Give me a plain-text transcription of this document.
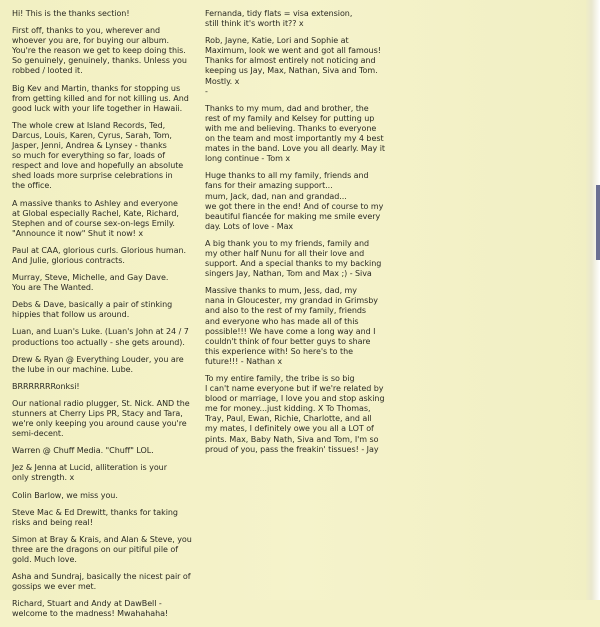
Hi! This is the thanks section!

First off, thanks to you, wherever and
whoever you are, for buying our album.
You're the reason we get to keep doing this.
So genuinely, genuinely, thanks. Unless you
robbed / looted it.

Big Kev and Martin, thanks for stopping us
from getting killed and for not killing us. And
good luck with your life together in Hawaii.

The whole crew at Island Records, Ted,
Darcus, Louis, Karen, Cyrus, Sarah, Tom,
Jasper, Jenni, Andrea & Lynsey - thanks
so much for everything so far, loads of
respect and love and hopefully an absolute
shed loads more surprise celebrations in
the office.

A massive thanks to Ashley and everyone
at Global especially Rachel, Kate, Richard,
Stephen and of course sex-on-legs Emily.
"Announce it now" Shut it now! x

Paul at CAA, glorious curls. Glorious human.
And Julie, glorious contracts.

Murray, Steve, Michelle, and Gay Dave.
You are The Wanted.

Debs & Dave, basically a pair of stinking
hippies that follow us around.

Luan, and Luan's Luke. (Luan's John at 24 / 7
productions too actually - she gets around).

Drew & Ryan @ Everything Louder, you are
the lube in our machine. Lube.

BRRRRRRRonksi!

Our national radio plugger, St. Nick. AND the
stunners at Cherry Lips PR, Stacy and Tara,
we're only keeping you around cause you're
semi-decent.

Warren @ Chuff Media. "Chuff" LOL.

Jez & Jenna at Lucid, alliteration is your
only strength. x

Colin Barlow, we miss you.

Steve Mac & Ed Drewitt, thanks for taking
risks and being real!

Simon at Bray & Krais, and Alan & Steve, you
three are the dragons on our pitiful pile of
gold. Much love.

Asha and Sundraj, basically the nicest pair of
gossips we ever met.

Richard, Stuart and Andy at DawBell -
welcome to the madness! Mwahahaha!

Fernanda, tidy flats = visa extension,
still think it's worth it?? x

Rob, Jayne, Katie, Lori and Sophie at
Maximum, look we went and got all famous!
Thanks for almost entirely not noticing and
keeping us Jay, Max, Nathan, Siva and Tom.
Mostly. x
-

Thanks to my mum, dad and brother, the
rest of my family and Kelsey for putting up
with me and believing. Thanks to everyone
on the team and most importantly my 4 best
mates in the band. Love you all dearly. May it
long continue - Tom x

Huge thanks to all my family, friends and
fans for their amazing support...
mum, Jack, dad, nan and grandad...
we got there in the end! And of course to my
beautiful fiancée for making me smile every
day. Lots of love - Max

A big thank you to my friends, family and
my other half Nunu for all their love and
support. And a special thanks to my backing
singers Jay, Nathan, Tom and Max ;) - Siva

Massive thanks to mum, Jess, dad, my
nana in Gloucester, my grandad in Grimsby
and also to the rest of my family, friends
and everyone who has made all of this
possible!!! We have come a long way and I
couldn't think of four better guys to share
this experience with! So here's to the
future!!! - Nathan x

To my entire family, the tribe is so big
I can't name everyone but if we're related by
blood or marriage, I love you and stop asking
me for money...just kidding. X To Thomas,
Tray, Paul, Ewan, Richie, Charlotte, and all
my mates, I definitely owe you all a LOT of
pints. Max, Baby Nath, Siva and Tom, I'm so
proud of you, pass the freakin' tissues! - Jay
